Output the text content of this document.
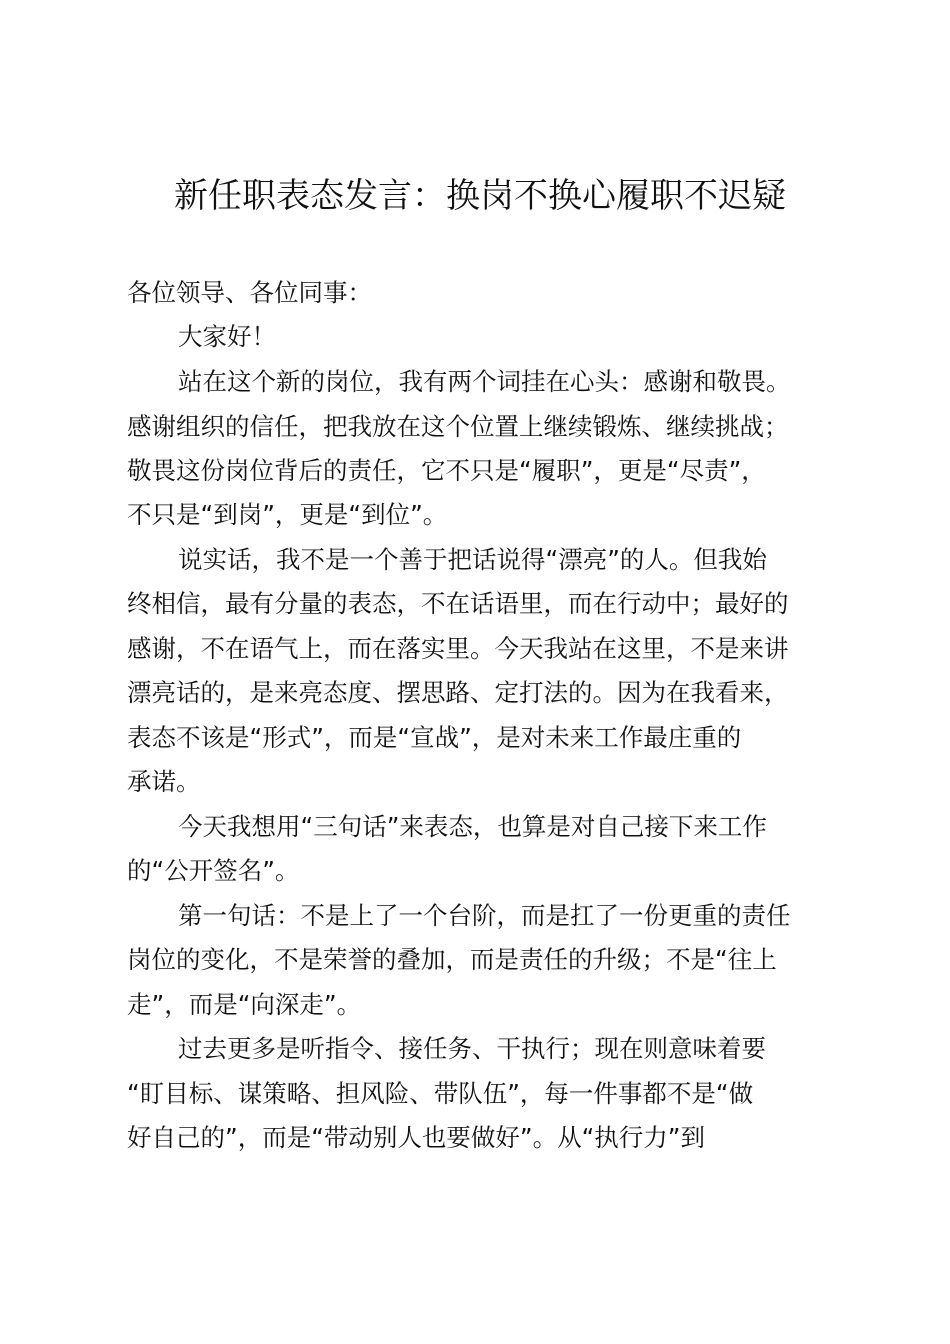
新任职表态发言：换岗不换心履职不迟疑

各位领导、各位同事：

大家好！

站在这个新的岗位，我有两个词挂在心头：感谢和敬畏。

感谢组织的信任，把我放在这个位置上继续锻炼、继续挑战；

敬畏这份岗位背后的责任，它不只是“履职”，更是“尽责”，

不只是“到岗”，更是“到位”。

说实话，我不是一个善于把话说得“漂亮”的人。但我始

终相信，最有分量的表态，不在话语里，而在行动中；最好的

感谢，不在语气上，而在落实里。今天我站在这里，不是来讲

漂亮话的，是来亮态度、摆思路、定打法的。因为在我看来，

表态不该是“形式”，而是“宣战”，是对未来工作最庄重的

承诺。

今天我想用“三句话”来表态，也算是对自己接下来工作

的“公开签名”。

第一句话：不是上了一个台阶，而是扛了一份更重的责任

岗位的变化，不是荣誉的叠加，而是责任的升级；不是“往上

走”，而是“向深走”。

过去更多是听指令、接任务、干执行；现在则意味着要

“盯目标、谋策略、担风险、带队伍”，每一件事都不是“做

好自己的”，而是“带动别人也要做好”。从“执行力”到
